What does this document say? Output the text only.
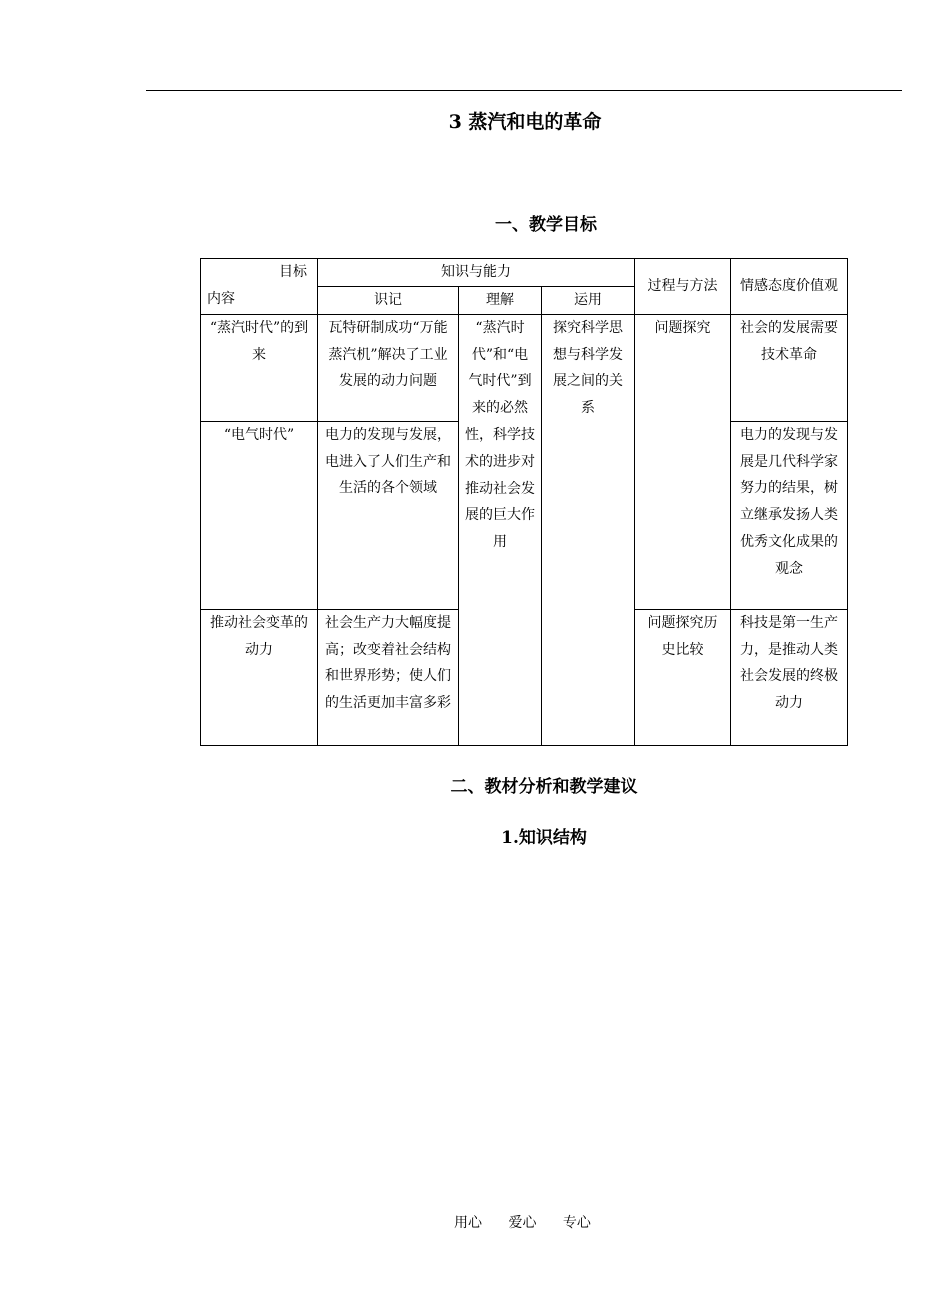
3 蒸汽和电的革命
一、教学目标
目标
内容	知识与能力			过程与方法	情感态度价值观
	识记	理解	运用		
“蒸汽时代”的到来	瓦特研制成功“万能蒸汽机”解决了工业发展的动力问题	“蒸汽时代”和“电气时代”到来的必然性，科学技术的进步对推动社会发展的巨大作用	探究科学思想与科学发展之间的关系	问题探究	社会的发展需要技术革命
“电气时代”	电力的发现与发展，电进入了人们生产和生活的各个领域				电力的发现与发展是几代科学家努力的结果，树立继承发扬人类优秀文化成果的观念
推动社会变革的动力	社会生产力大幅度提高；改变着社会结构和世界形势；使人们的生活更加丰富多彩			问题探究历史比较	科技是第一生产力，是推动人类社会发展的终极动力
二、教材分析和教学建议
1.知识结构
用心 爱心 专心
